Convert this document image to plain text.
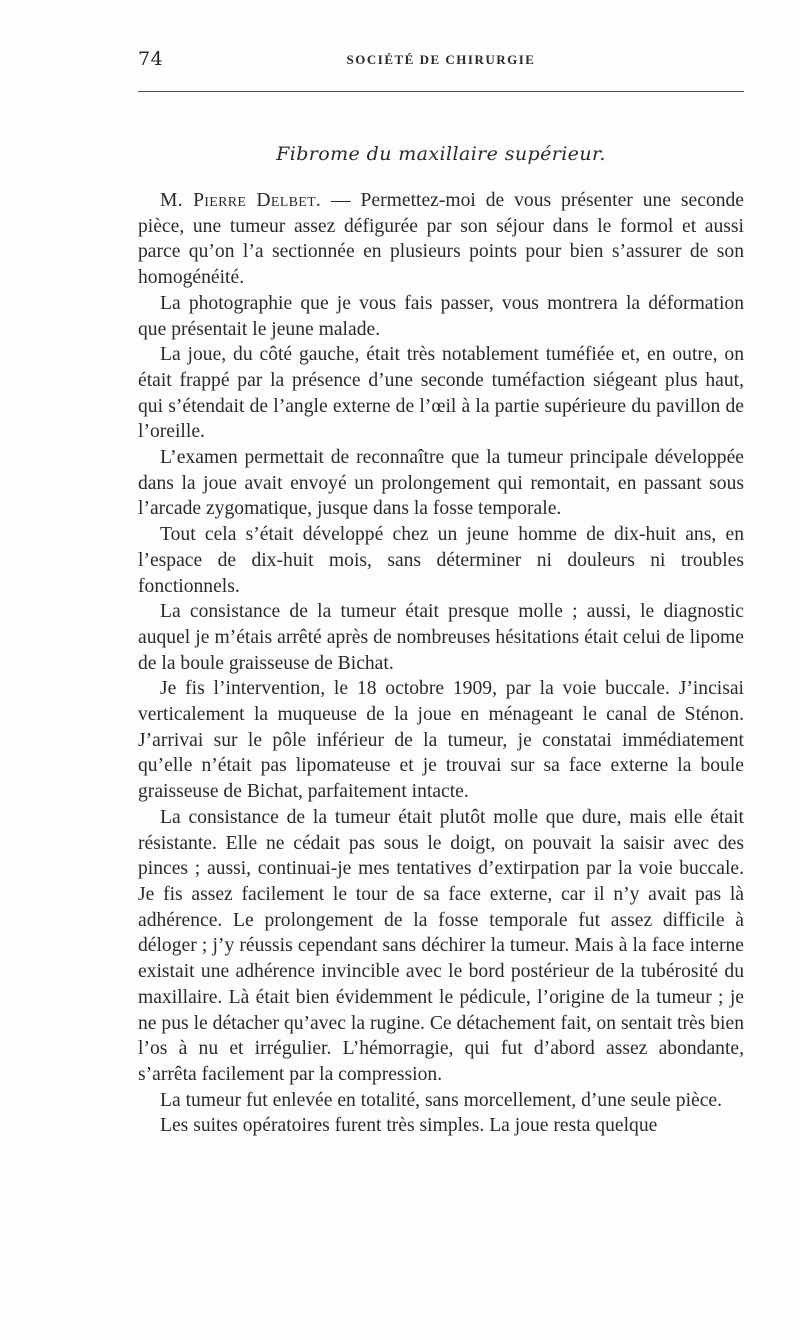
74	SOCIÉTÉ DE CHIRURGIE
Fibrome du maxillaire supérieur.

M. Pierre Delbet. — Permettez-moi de vous présenter une seconde pièce, une tumeur assez défigurée par son séjour dans le formol et aussi parce qu’on l’a sectionnée en plusieurs points pour bien s’assurer de son homogénéité.

La photographie que je vous fais passer, vous montrera la déformation que présentait le jeune malade.

La joue, du côté gauche, était très notablement tuméfiée et, en outre, on était frappé par la présence d’une seconde tuméfaction siégeant plus haut, qui s’étendait de l’angle externe de l’œil à la partie supérieure du pavillon de l’oreille.

L’examen permettait de reconnaître que la tumeur principale développée dans la joue avait envoyé un prolongement qui remontait, en passant sous l’arcade zygomatique, jusque dans la fosse temporale.

Tout cela s’était développé chez un jeune homme de dix-huit ans, en l’espace de dix-huit mois, sans déterminer ni douleurs ni troubles fonctionnels.

La consistance de la tumeur était presque molle ; aussi, le diagnostic auquel je m’étais arrêté après de nombreuses hésitations était celui de lipome de la boule graisseuse de Bichat.

Je fis l’intervention, le 18 octobre 1909, par la voie buccale. J’incisai verticalement la muqueuse de la joue en ménageant le canal de Sténon. J’arrivai sur le pôle inférieur de la tumeur, je constatai immédiatement qu’elle n’était pas lipomateuse et je trouvai sur sa face externe la boule graisseuse de Bichat, parfaitement intacte.

La consistance de la tumeur était plutôt molle que dure, mais elle était résistante. Elle ne cédait pas sous le doigt, on pouvait la saisir avec des pinces ; aussi, continuai-je mes tentatives d’extirpation par la voie buccale. Je fis assez facilement le tour de sa face externe, car il n’y avait pas là adhérence. Le prolongement de la fosse temporale fut assez difficile à déloger ; j’y réussis cependant sans déchirer la tumeur. Mais à la face interne existait une adhérence invincible avec le bord postérieur de la tubérosité du maxillaire. Là était bien évidemment le pédicule, l’origine de la tumeur ; je ne pus le détacher qu’avec la rugine. Ce détachement fait, on sentait très bien l’os à nu et irrégulier. L’hémorragie, qui fut d’abord assez abondante, s’arrêta facilement par la compression.

La tumeur fut enlevée en totalité, sans morcellement, d’une seule pièce.

Les suites opératoires furent très simples. La joue resta quelque
